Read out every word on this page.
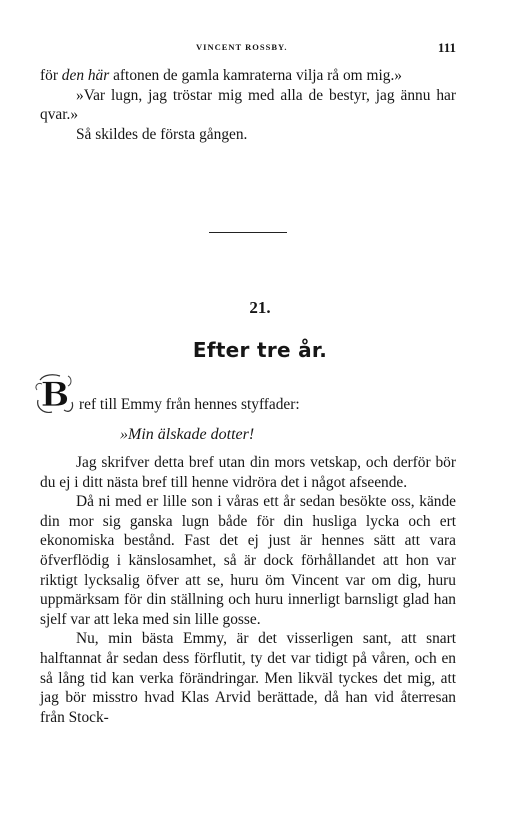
VINCENT ROSSBY.	111

för den här aftonen de gamla kamraterna vilja rå om mig.»

»Var lugn, jag tröstar mig med alla de bestyr, jag ännu har qvar.»

Så skildes de första gången.

21.
Efter tre år.
B ref till Emmy från hennes styffader:
»Min älskade dotter!

Jag skrifver detta bref utan din mors vetskap, och derför bör du ej i ditt nästa bref till henne vidröra det i något afseende.

Då ni med er lille son i våras ett år sedan besökte oss, kände din mor sig ganska lugn både för din husliga lycka och ert ekonomiska bestånd. Fast det ej just är hennes sätt att vara öfverflödig i känslosamhet, så är dock förhållandet att hon var riktigt lycksalig öfver att se, huru öm Vincent var om dig, huru uppmärksam för din ställning och huru innerligt barnsligt glad han sjelf var att leka med sin lille gosse.

Nu, min bästa Emmy, är det visserligen sant, att snart halftannat år sedan dess förflutit, ty det var tidigt på våren, och en så lång tid kan verka förändringar. Men likväl tyckes det mig, att jag bör misstro hvad Klas Arvid berättade, då han vid återresan från Stock-
